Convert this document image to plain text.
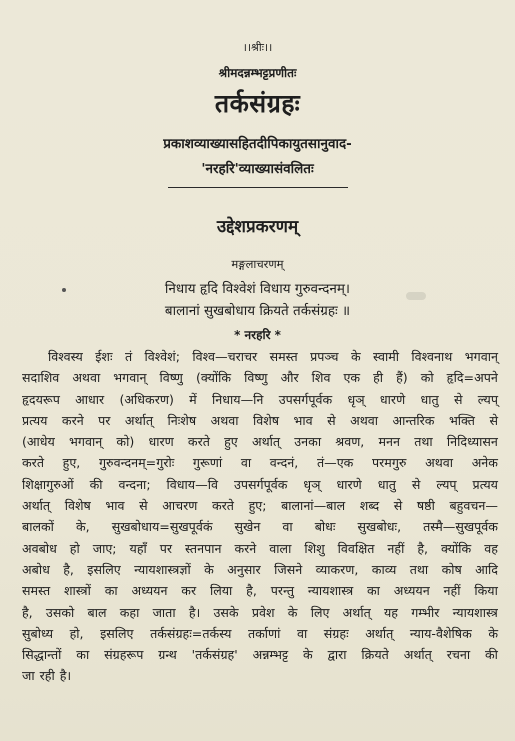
।।श्रीः।।
श्रीमदन्नम्भट्टप्रणीतः
तर्कसंग्रहः
प्रकाशव्याख्यासहितदीपिकायुतसानुवाद-
'नरहरि'व्याख्यासंवलितः
उद्देशप्रकरणम्
मङ्गलाचरणम्
निधाय हृदि विश्वेशं विधाय गुरुवन्दनम्।
बालानां सुखबोधाय क्रियते तर्कसंग्रहः ॥
* नरहरि *
विश्वस्य ईशः तं विश्वेशं; विश्व—चराचर समस्त प्रपञ्च के स्वामी विश्वनाथ भगवान्
सदाशिव अथवा भगवान् विष्णु (क्योंकि विष्णु और शिव एक ही हैं) को हृदि=अपने
हृदयरूप आधार (अधिकरण) में निधाय—नि उपसर्गपूर्वक धृञ् धारणे धातु से ल्यप्
प्रत्यय करने पर अर्थात् निःशेष अथवा विशेष भाव से अथवा आन्तरिक भक्ति से
(आधेय भगवान् को) धारण करते हुए अर्थात् उनका श्रवण, मनन तथा निदिध्यासन
करते हुए, गुरुवन्दनम्=गुरोः गुरूणां वा वन्दनं, तं—एक परमगुरु अथवा अनेक
शिक्षागुरुओं की वन्दना; विधाय—वि उपसर्गपूर्वक धृञ् धारणे धातु से ल्यप् प्रत्यय
अर्थात् विशेष भाव से आचरण करते हुए; बालानां—बाल शब्द से षष्ठी बहुवचन—
बालकों के, सुखबोधाय=सुखपूर्वकं सुखेन वा बोधः सुखबोधः, तस्मै—सुखपूर्वक
अवबोध हो जाए; यहाँ पर स्तनपान करने वाला शिशु विवक्षित नहीं है, क्योंकि वह
अबोध है, इसलिए न्यायशास्त्रज्ञों के अनुसार जिसने व्याकरण, काव्य तथा कोष आदि
समस्त शास्त्रों का अध्ययन कर लिया है, परन्तु न्यायशास्त्र का अध्ययन नहीं किया
है, उसको बाल कहा जाता है। उसके प्रवेश के लिए अर्थात् यह गम्भीर न्यायशास्त्र
सुबोध्य हो, इसलिए तर्कसंग्रहः=तर्कस्य तर्काणां वा संग्रहः अर्थात् न्याय-वैशेषिक के
सिद्धान्तों का संग्रहरूप ग्रन्थ 'तर्कसंग्रह' अन्नम्भट्ट के द्वारा क्रियते अर्थात् रचना की
जा रही है।
